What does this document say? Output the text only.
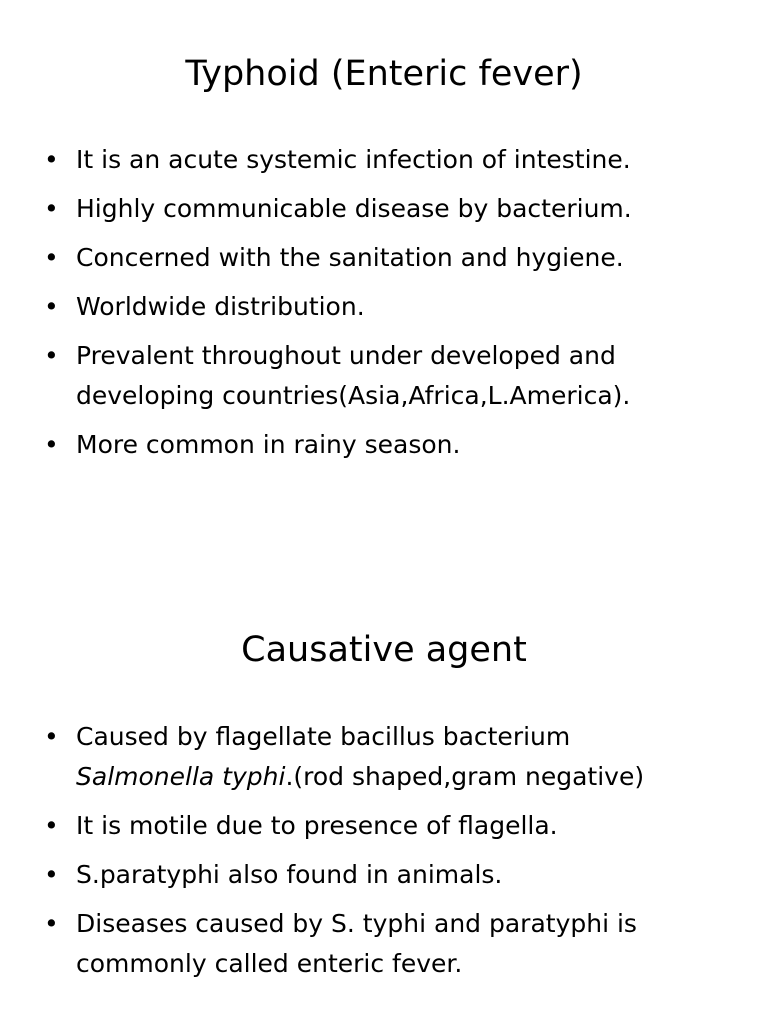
Typhoid (Enteric fever)
• It is an acute systemic infection of intestine.
• Highly communicable disease by bacterium.
• Concerned with the sanitation and hygiene.
• Worldwide distribution.
• Prevalent throughout under developed and
developing countries(Asia,Africa,L.America).
• More common in rainy season.
Causative agent
• Caused by flagellate bacillus bacterium
Salmonella typhi.(rod shaped,gram negative)
• It is motile due to presence of flagella.
• S.paratyphi also found in animals.
• Diseases caused by S. typhi and paratyphi is
commonly called enteric fever.
